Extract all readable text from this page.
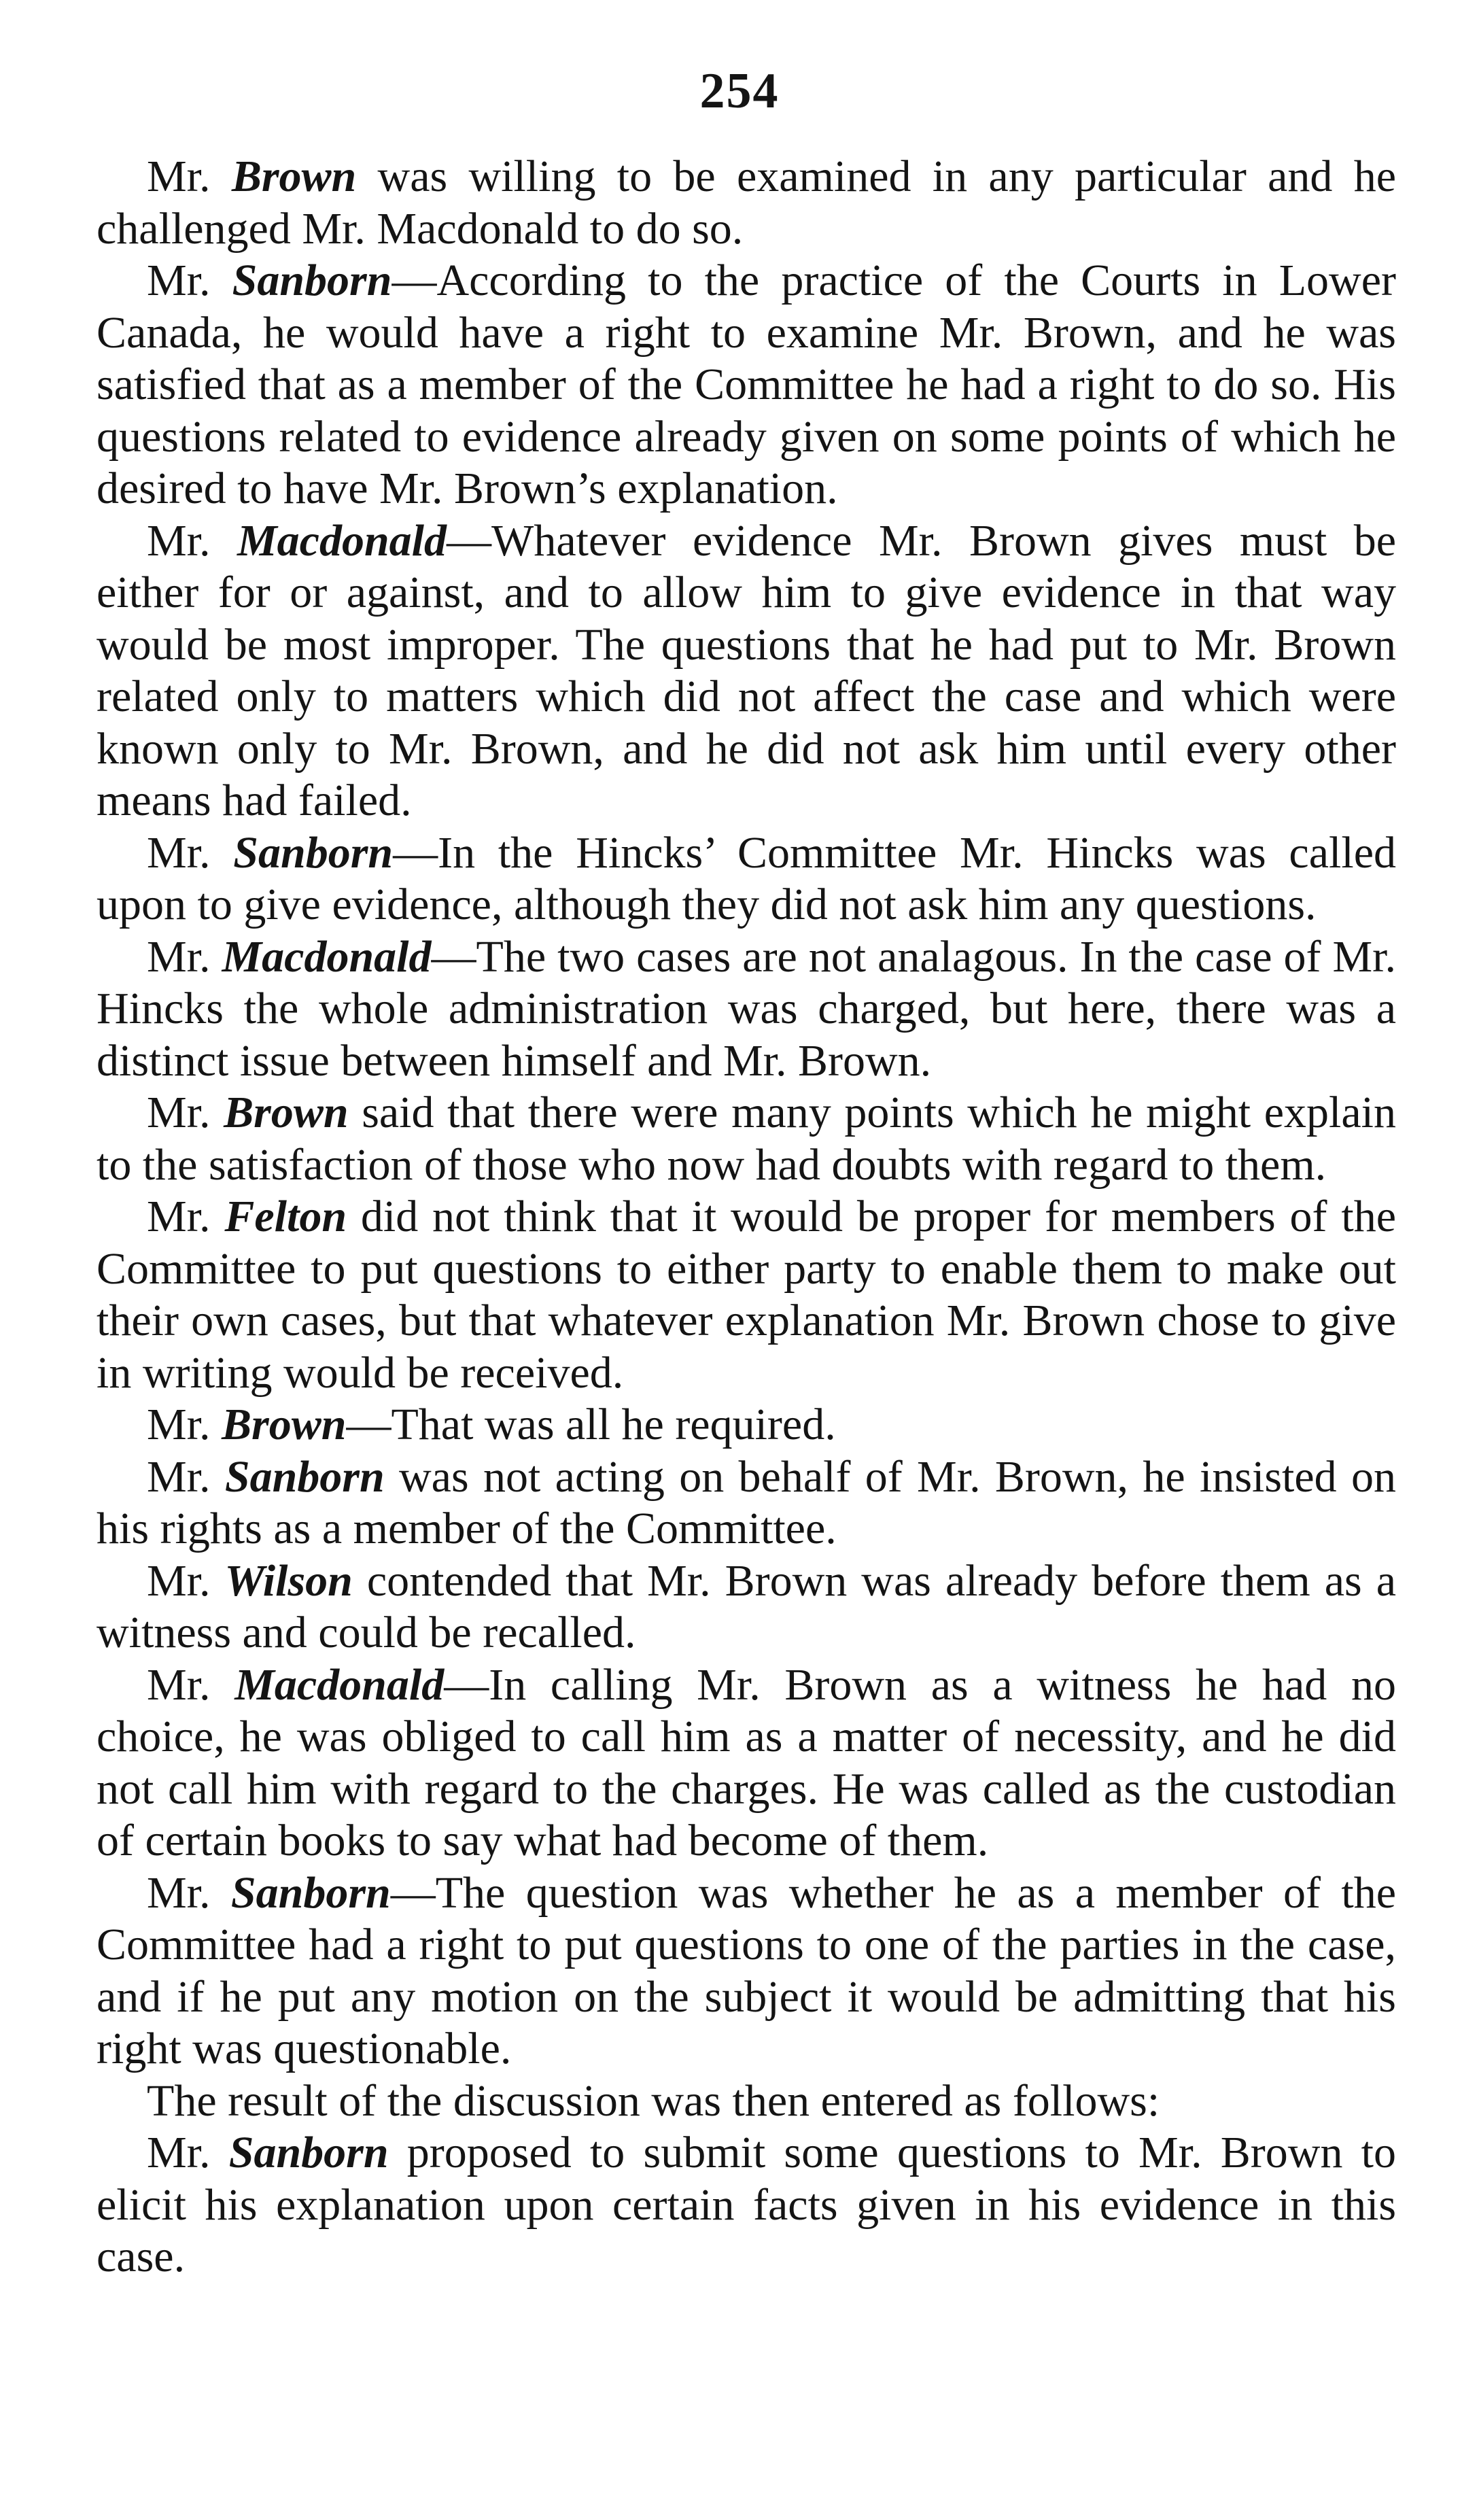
254

Mr. Brown was willing to be examined in any particular and he challenged Mr. Macdonald to do so.

Mr. Sanborn—According to the practice of the Courts in Lower Canada, he would have a right to examine Mr. Brown, and he was satisfied that as a member of the Committee he had a right to do so. His questions related to evidence already given on some points of which he desired to have Mr. Brown’s explanation.

Mr. Macdonald—Whatever evidence Mr. Brown gives must be either for or against, and to allow him to give evidence in that way would be most improper. The questions that he had put to Mr. Brown related only to matters which did not affect the case and which were known only to Mr. Brown, and he did not ask him until every other means had failed.

Mr. Sanborn—In the Hincks’ Committee Mr. Hincks was called upon to give evidence, although they did not ask him any questions.

Mr. Macdonald—The two cases are not analagous. In the case of Mr. Hincks the whole administration was charged, but here, there was a distinct issue between himself and Mr. Brown.

Mr. Brown said that there were many points which he might explain to the satisfaction of those who now had doubts with regard to them.

Mr. Felton did not think that it would be proper for members of the Committee to put questions to either party to enable them to make out their own cases, but that whatever explanation Mr. Brown chose to give in writing would be received.

Mr. Brown—That was all he required.

Mr. Sanborn was not acting on behalf of Mr. Brown, he insisted on his rights as a member of the Committee.

Mr. Wilson contended that Mr. Brown was already before them as a witness and could be recalled.

Mr. Macdonald—In calling Mr. Brown as a witness he had no choice, he was obliged to call him as a matter of necessity, and he did not call him with regard to the charges. He was called as the custodian of certain books to say what had become of them.

Mr. Sanborn—The question was whether he as a member of the Committee had a right to put questions to one of the parties in the case, and if he put any motion on the subject it would be admitting that his right was questionable.

The result of the discussion was then entered as follows:

Mr. Sanborn proposed to submit some questions to Mr. Brown to elicit his explanation upon certain facts given in his evidence in this case.
